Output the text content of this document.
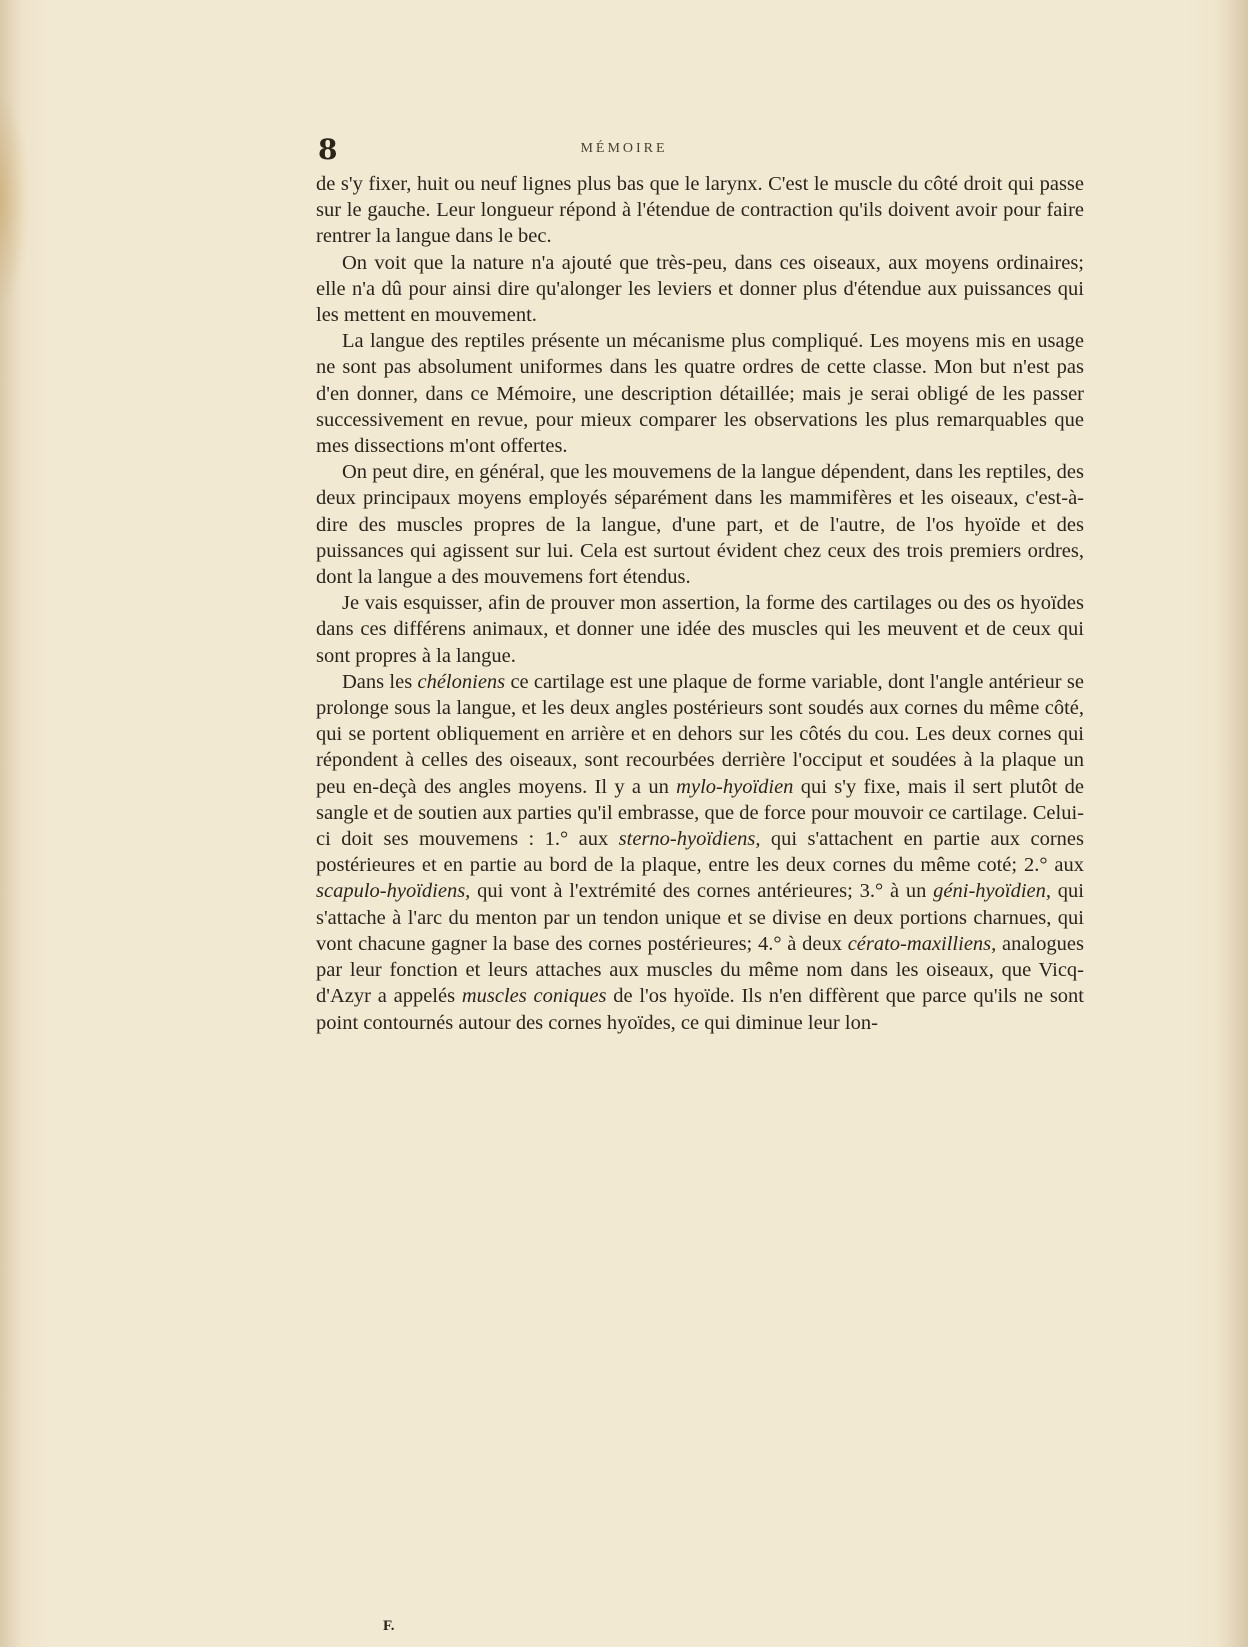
8	MÉMOIRE

de s'y fixer, huit ou neuf lignes plus bas que le larynx. C'est le muscle du côté droit qui passe sur le gauche. Leur longueur répond à l'étendue de contraction qu'ils doivent avoir pour faire rentrer la langue dans le bec.

On voit que la nature n'a ajouté que très-peu, dans ces oiseaux, aux moyens ordinaires; elle n'a dû pour ainsi dire qu'alonger les leviers et donner plus d'étendue aux puissances qui les mettent en mouvement.

La langue des reptiles présente un mécanisme plus compliqué. Les moyens mis en usage ne sont pas absolument uniformes dans les quatre ordres de cette classe. Mon but n'est pas d'en donner, dans ce Mémoire, une description détaillée; mais je serai obligé de les passer successivement en revue, pour mieux comparer les observations les plus remarquables que mes dissections m'ont offertes.

On peut dire, en général, que les mouvemens de la langue dépendent, dans les reptiles, des deux principaux moyens employés séparément dans les mammifères et les oiseaux, c'est-à-dire des muscles propres de la langue, d'une part, et de l'autre, de l'os hyoïde et des puissances qui agissent sur lui. Cela est surtout évident chez ceux des trois premiers ordres, dont la langue a des mouvemens fort étendus.

Je vais esquisser, afin de prouver mon assertion, la forme des cartilages ou des os hyoïdes dans ces différens animaux, et donner une idée des muscles qui les meuvent et de ceux qui sont propres à la langue.

Dans les chéloniens ce cartilage est une plaque de forme variable, dont l'angle antérieur se prolonge sous la langue, et les deux angles postérieurs sont soudés aux cornes du même côté, qui se portent obliquement en arrière et en dehors sur les côtés du cou. Les deux cornes qui répondent à celles des oiseaux, sont recourbées derrière l'occiput et soudées à la plaque un peu en-deçà des angles moyens. Il y a un mylo-hyoïdien qui s'y fixe, mais il sert plutôt de sangle et de soutien aux parties qu'il embrasse, que de force pour mouvoir ce cartilage. Celui-ci doit ses mouvemens : 1.° aux sterno-hyoïdiens, qui s'attachent en partie aux cornes postérieures et en partie au bord de la plaque, entre les deux cornes du même coté; 2.° aux scapulo-hyoïdiens, qui vont à l'extrémité des cornes antérieures; 3.° à un géni-hyoïdien, qui s'attache à l'arc du menton par un tendon unique et se divise en deux portions charnues, qui vont chacune gagner la base des cornes postérieures; 4.° à deux cérato-maxilliens, analogues par leur fonction et leurs attaches aux muscles du même nom dans les oiseaux, que Vicq-d'Azyr a appelés muscles coniques de l'os hyoïde. Ils n'en diffèrent que parce qu'ils ne sont point contournés autour des cornes hyoïdes, ce qui diminue leur lon-

F.
